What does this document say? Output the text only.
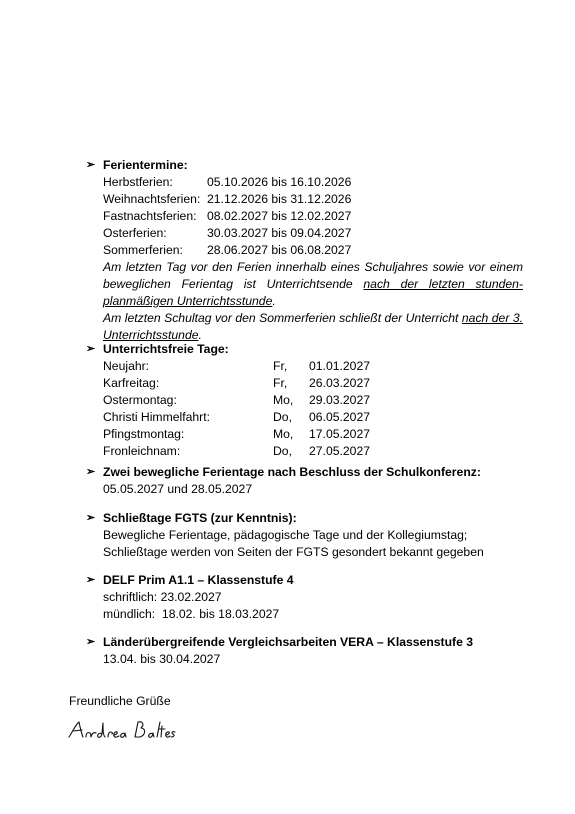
➢ Ferientermine:
Herbstferien:	05.10.2026 bis 16.10.2026
Weihnachtsferien: 21.12.2026 bis 31.12.2026
Fastnachtsferien: 08.02.2027 bis 12.02.2027
Osterferien:	30.03.2027 bis 09.04.2027
Sommerferien: 28.06.2027 bis 06.08.2027
Am letzten Tag vor den Ferien innerhalb eines Schuljahres sowie vor einem beweglichen Ferientag ist Unterrichtsende nach der letzten stunden-planmäßigen Unterrichtsstunde.
Am letzten Schultag vor den Sommerferien schließt der Unterricht nach der 3. Unterrichtsstunde.
➢ Unterrichtsfreie Tage:
Neujahr:	Fr, 01.01.2027
Karfreitag:	Fr, 26.03.2027
Ostermontag:	Mo, 29.03.2027
Christi Himmelfahrt:	Do, 06.05.2027
Pfingstmontag:	Mo, 17.05.2027
Fronleichnam:	Do, 27.05.2027
➢ Zwei bewegliche Ferientage nach Beschluss der Schulkonferenz:
05.05.2027 und 28.05.2027
➢ Schließtage FGTS (zur Kenntnis):
Bewegliche Ferientage, pädagogische Tage und der Kollegiumstag;
Schließtage werden von Seiten der FGTS gesondert bekannt gegeben
➢ DELF Prim A1.1 – Klassenstufe 4
schriftlich: 23.02.2027
mündlich:  18.02. bis 18.03.2027
➢ Länderübergreifende Vergleichsarbeiten VERA – Klassenstufe 3
13.04. bis 30.04.2027
Freundliche Grüße
